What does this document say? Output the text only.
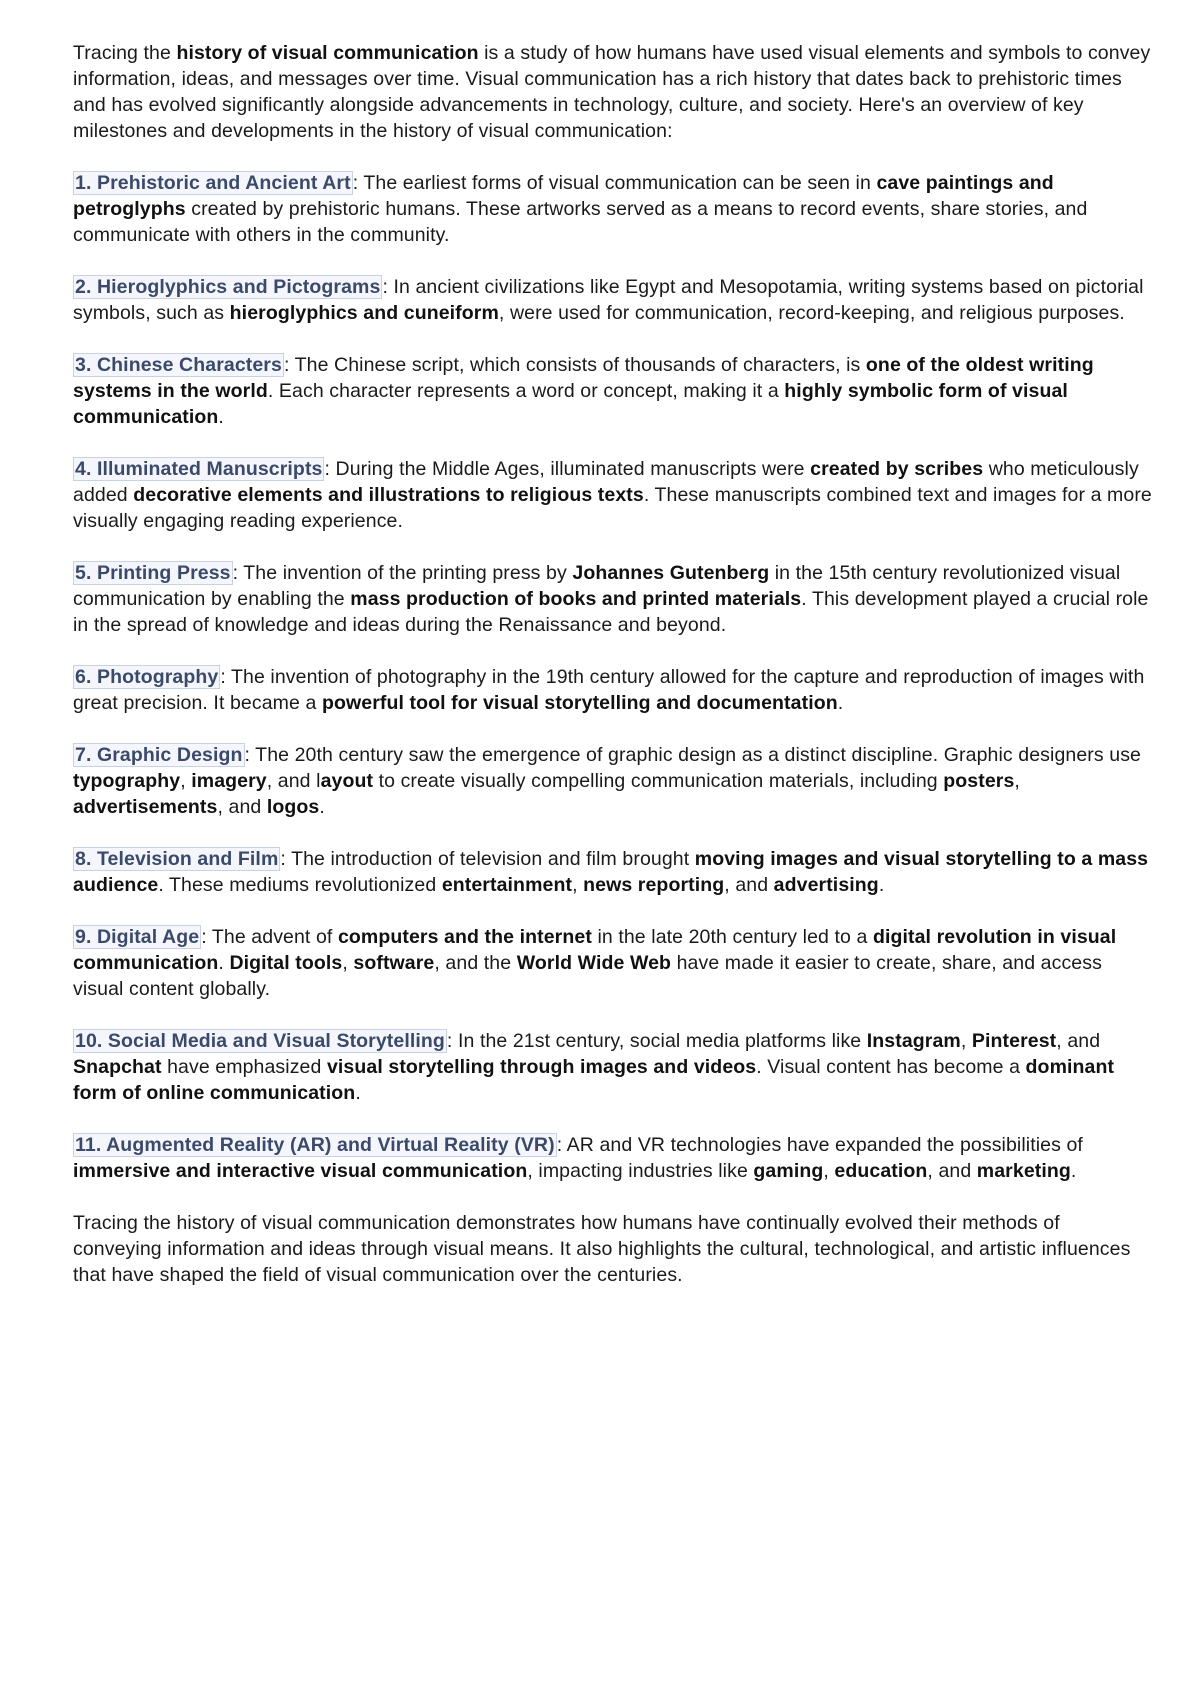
Tracing the history of visual communication is a study of how humans have used visual elements and symbols to convey information, ideas, and messages over time. Visual communication has a rich history that dates back to prehistoric times and has evolved significantly alongside advancements in technology, culture, and society. Here's an overview of key milestones and developments in the history of visual communication:

1. Prehistoric and Ancient Art : The earliest forms of visual communication can be seen in cave paintings and petroglyphs created by prehistoric humans. These artworks served as a means to record events, share stories, and communicate with others in the community.

2. Hieroglyphics and Pictograms : In ancient civilizations like Egypt and Mesopotamia, writing systems based on pictorial symbols, such as hieroglyphics and cuneiform, were used for communication, record-keeping, and religious purposes.

3. Chinese Characters : The Chinese script, which consists of thousands of characters, is one of the oldest writing systems in the world. Each character represents a word or concept, making it a highly symbolic form of visual communication.

4. Illuminated Manuscripts : During the Middle Ages, illuminated manuscripts were created by scribes who meticulously added decorative elements and illustrations to religious texts. These manuscripts combined text and images for a more visually engaging reading experience.

5. Printing Press : The invention of the printing press by Johannes Gutenberg in the 15th century revolutionized visual communication by enabling the mass production of books and printed materials. This development played a crucial role in the spread of knowledge and ideas during the Renaissance and beyond.

6. Photography : The invention of photography in the 19th century allowed for the capture and reproduction of images with great precision. It became a powerful tool for visual storytelling and documentation.

7. Graphic Design : The 20th century saw the emergence of graphic design as a distinct discipline. Graphic designers use typography, imagery, and layout to create visually compelling communication materials, including posters, advertisements, and logos.

8. Television and Film : The introduction of television and film brought moving images and visual storytelling to a mass audience. These mediums revolutionized entertainment, news reporting, and advertising.

9. Digital Age : The advent of computers and the internet in the late 20th century led to a digital revolution in visual communication. Digital tools, software, and the World Wide Web have made it easier to create, share, and access visual content globally.

10. Social Media and Visual Storytelling : In the 21st century, social media platforms like Instagram, Pinterest, and Snapchat have emphasized visual storytelling through images and videos. Visual content has become a dominant form of online communication.

11. Augmented Reality (AR) and Virtual Reality (VR) : AR and VR technologies have expanded the possibilities of immersive and interactive visual communication, impacting industries like gaming, education, and marketing.

Tracing the history of visual communication demonstrates how humans have continually evolved their methods of conveying information and ideas through visual means. It also highlights the cultural, technological, and artistic influences that have shaped the field of visual communication over the centuries.
